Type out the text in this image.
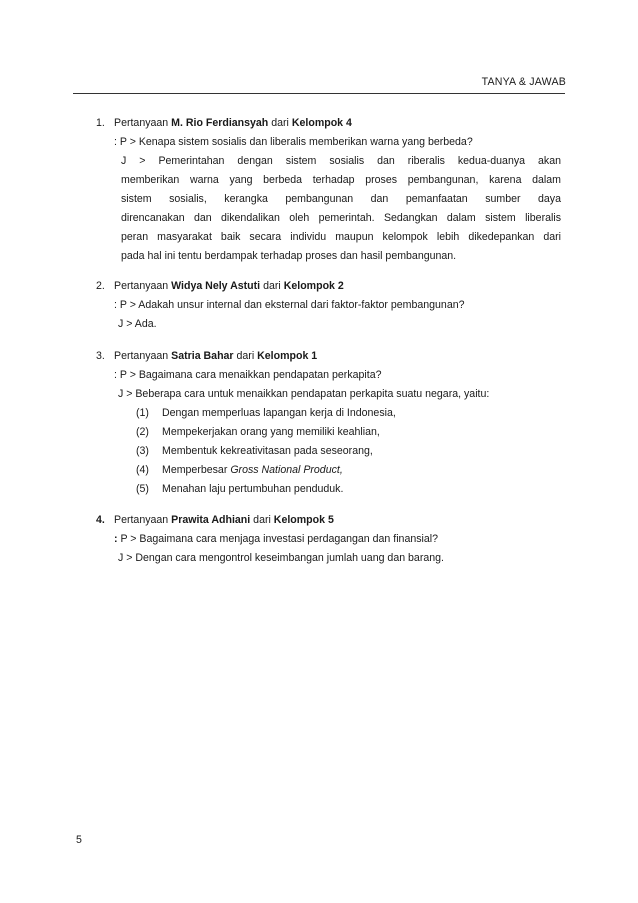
TANYA & JAWAB
1. Pertanyaan M. Rio Ferdiansyah dari Kelompok 4
: P > Kenapa sistem sosialis dan liberalis memberikan warna yang berbeda?
J > Pemerintahan dengan sistem sosialis dan riberalis kedua-duanya akan
memberikan warna yang berbeda terhadap proses pembangunan, karena dalam
sistem sosialis, kerangka pembangunan dan pemanfaatan sumber daya
direncanakan dan dikendalikan oleh pemerintah. Sedangkan dalam sistem liberalis
peran masyarakat baik secara individu maupun kelompok lebih dikedepankan dari
pada hal ini tentu berdampak terhadap proses dan hasil pembangunan.
2. Pertanyaan Widya Nely Astuti dari Kelompok 2
: P > Adakah unsur internal dan eksternal dari faktor-faktor pembangunan?
J > Ada.
3. Pertanyaan Satria Bahar dari Kelompok 1
: P > Bagaimana cara menaikkan pendapatan perkapita?
J > Beberapa cara untuk menaikkan pendapatan perkapita suatu negara, yaitu:
(1) Dengan memperluas lapangan kerja di Indonesia,
(2) Mempekerjakan orang yang memiliki keahlian,
(3) Membentuk kekreativitasan pada seseorang,
(4) Memperbesar Gross National Product,
(5) Menahan laju pertumbuhan penduduk.
4. Pertanyaan Prawita Adhiani dari Kelompok 5
: P > Bagaimana cara menjaga investasi perdagangan dan finansial?
J > Dengan cara mengontrol keseimbangan jumlah uang dan barang.
5
